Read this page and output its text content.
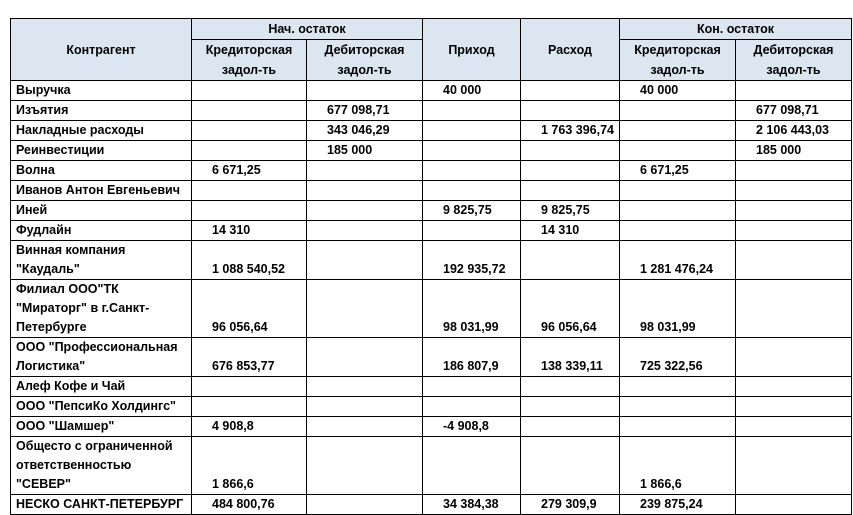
Контрагент	Нач. остаток		Приход	Расход	Кон. остаток	
	Кредиторская задол-ть	Дебиторская задол-ть			Кредиторская задол-ть	Дебиторская задол-ть
Выручка			40 000		40 000	
Изъятия		677 098,71				677 098,71
Накладные расходы		343 046,29		1 763 396,74		2 106 443,03
Реинвестиции		185 000				185 000
Волна	6 671,25				6 671,25	
Иванов Антон Евгеньевич						
Иней			9 825,75	9 825,75		
Фудлайн	14 310			14 310		
Винная компания "Каудаль"	1 088 540,52		192 935,72		1 281 476,24	
Филиал ООО"ТК "Мираторг" в г.Санкт-Петербурге	96 056,64		98 031,99	96 056,64	98 031,99	
ООО "Профессиональная Логистика"	676 853,77		186 807,9	138 339,11	725 322,56	
Алеф Кофе и Чай						
ООО "ПепсиКо Холдингс"						
ООО "Шамшер"	4 908,8		-4 908,8			
Общесто с ограниченной ответственностью "СЕВЕР"	1 866,6				1 866,6	
НЕСКО САНКТ-ПЕТЕРБУРГ	484 800,76		34 384,38	279 309,9	239 875,24	
